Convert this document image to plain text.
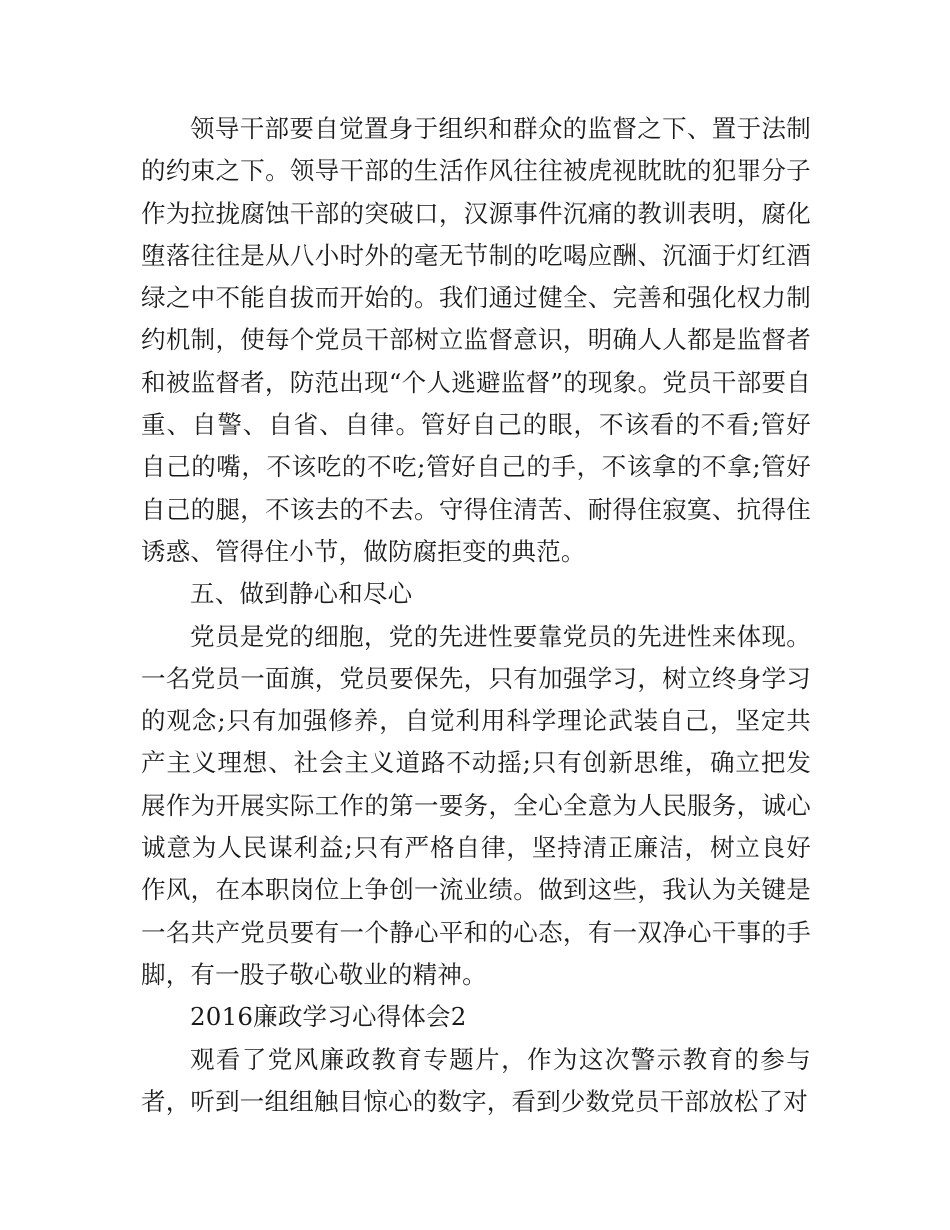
领导干部要自觉置身于组织和群众的监督之下、置于法制的约束之下。领导干部的生活作风往往被虎视眈眈的犯罪分子作为拉拢腐蚀干部的突破口，汉源事件沉痛的教训表明，腐化堕落往往是从八小时外的毫无节制的吃喝应酬、沉湎于灯红酒绿之中不能自拔而开始的。我们通过健全、完善和强化权力制约机制，使每个党员干部树立监督意识，明确人人都是监督者和被监督者，防范出现“个人逃避监督”的现象。党员干部要自重、自警、自省、自律。管好自己的眼，不该看的不看;管好自己的嘴，不该吃的不吃;管好自己的手，不该拿的不拿;管好自己的腿，不该去的不去。守得住清苦、耐得住寂寞、抗得住诱惑、管得住小节，做防腐拒变的典范。

五、做到静心和尽心

党员是党的细胞，党的先进性要靠党员的先进性来体现。一名党员一面旗，党员要保先，只有加强学习，树立终身学习的观念;只有加强修养，自觉利用科学理论武装自己，坚定共产主义理想、社会主义道路不动摇;只有创新思维，确立把发展作为开展实际工作的第一要务，全心全意为人民服务，诚心诚意为人民谋利益;只有严格自律，坚持清正廉洁，树立良好作风，在本职岗位上争创一流业绩。做到这些，我认为关键是一名共产党员要有一个静心平和的心态，有一双净心干事的手脚，有一股子敬心敬业的精神。

2016廉政学习心得体会2

观看了党风廉政教育专题片，作为这次警示教育的参与者，听到一组组触目惊心的数字，看到少数党员干部放松了对
